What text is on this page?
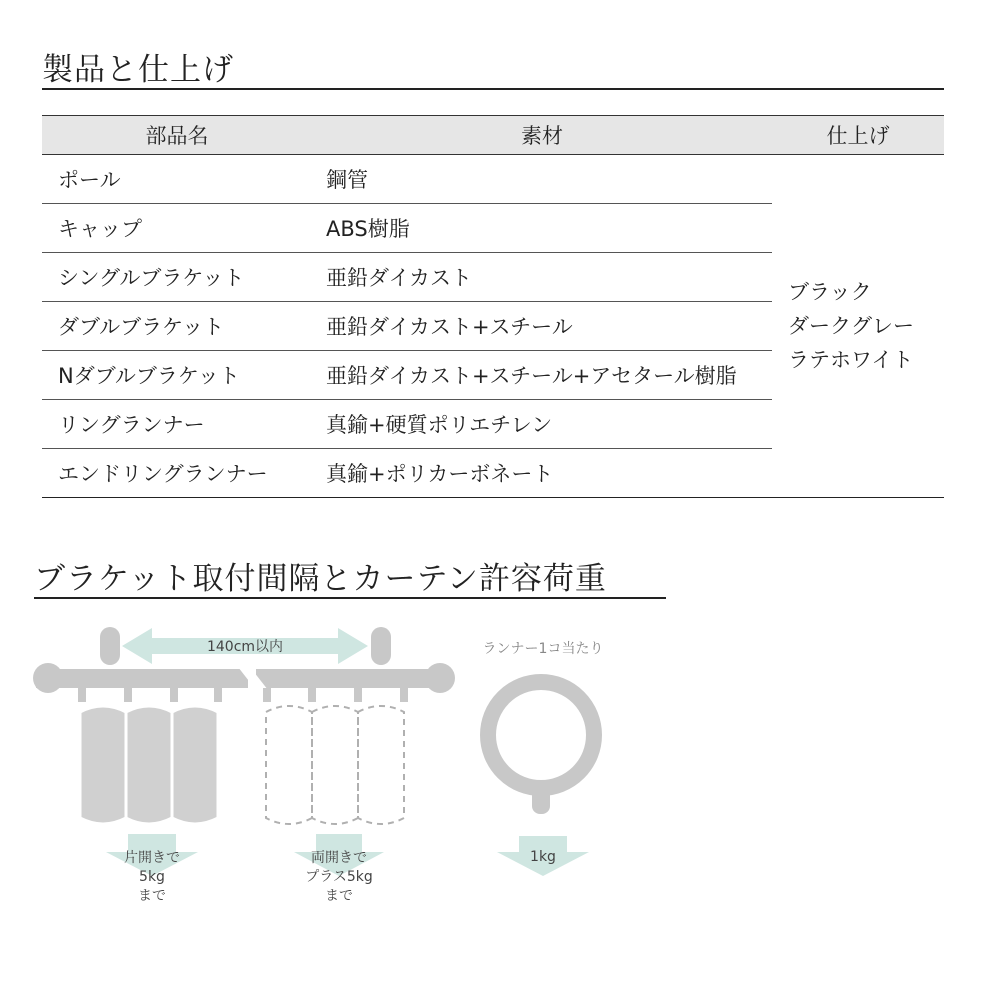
製品と仕上げ
部品名	素材	仕上げ
ポール	鋼管	ブラック
ダークグレー
ラテホワイト

キャップ	ABS樹脂	
シングルブラケット	亜鉛ダイカスト	
ダブルブラケット	亜鉛ダイカスト+スチール	
Nダブルブラケット	亜鉛ダイカスト+スチール+アセタール樹脂	
リングランナー	真鍮+硬質ポリエチレン	
エンドリングランナー	真鍮+ポリカーボネート	
ブラケット取付間隔とカーテン許容荷重
140cm以内	ランナー1コ当たり
片開きで
5kg
まで
両開きで
プラス5kg
まで
1kg
